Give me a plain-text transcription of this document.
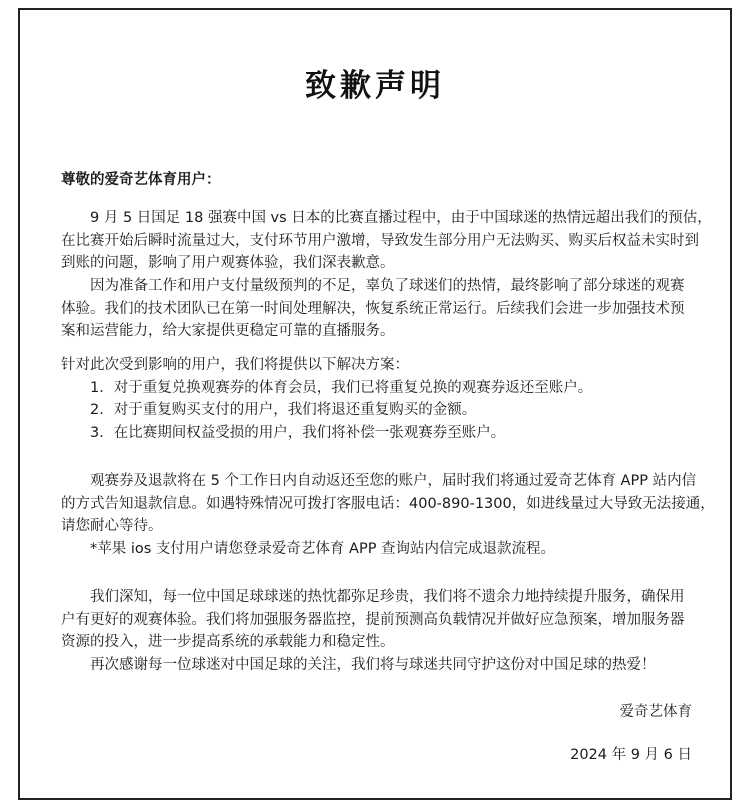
致歉声明
尊敬的爱奇艺体育用户：
9 月 5 日国足 18 强赛中国 vs 日本的比赛直播过程中，由于中国球迷的热情远超出我们的预估，
在比赛开始后瞬时流量过大，支付环节用户激增，导致发生部分用户无法购买、购买后权益未实时到
到账的问题，影响了用户观赛体验，我们深表歉意。
因为准备工作和用户支付量级预判的不足，辜负了球迷们的热情，最终影响了部分球迷的观赛
体验。我们的技术团队已在第一时间处理解决，恢复系统正常运行。后续我们会进一步加强技术预
案和运营能力，给大家提供更稳定可靠的直播服务。
针对此次受到影响的用户，我们将提供以下解决方案：
1．对于重复兑换观赛券的体育会员，我们已将重复兑换的观赛券返还至账户。
2．对于重复购买支付的用户，我们将退还重复购买的金额。
3．在比赛期间权益受损的用户，我们将补偿一张观赛券至账户。
观赛券及退款将在 5 个工作日内自动返还至您的账户，届时我们将通过爱奇艺体育 APP 站内信
的方式告知退款信息。如遇特殊情况可拨打客服电话：400-890-1300，如进线量过大导致无法接通，
请您耐心等待。
*苹果 ios 支付用户请您登录爱奇艺体育 APP 查询站内信完成退款流程。
我们深知，每一位中国足球球迷的热忱都弥足珍贵，我们将不遗余力地持续提升服务，确保用
户有更好的观赛体验。我们将加强服务器监控，提前预测高负载情况并做好应急预案，增加服务器
资源的投入，进一步提高系统的承载能力和稳定性。
再次感谢每一位球迷对中国足球的关注，我们将与球迷共同守护这份对中国足球的热爱！
爱奇艺体育
2024 年 9 月 6 日
